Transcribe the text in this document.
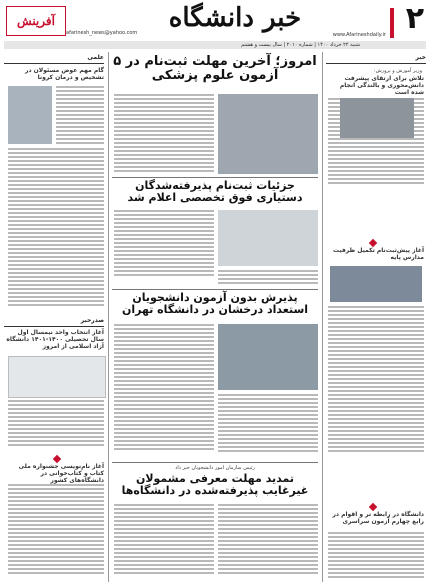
۲
www.Afarineshdaily.ir
خبر دانشگاه
آفرینش
afarinesh_news@yahoo.com
شنبه ۲۲ خرداد ۱۴۰۰ | شماره ۲۰۱۰ | سال بیست و هشتم
خبر
علمی
وزیر آموزش و پرورش:
تلاش برای ارتقای پیشرفت دانش‌محوری و بالندگی انجام شده است
آغاز پیش‌ثبت‌نام تکمیل ظرفیت مدارس پایه
دانشگاه در رابطه تر و اقوام در رابع چهارم آزمون سراسری
امروز؛ آخرین مهلت ثبت‌نام در ۵ آزمون علوم پزشکی
جزئیات ثبت‌نام پذیرفته‌شدگان دستیاری فوق تخصصی اعلام شد
پذیرش بدون آزمون دانشجویان استعداد درخشان در دانشگاه تهران
رئیس سازمان امور دانشجویان خبر داد
تمدید مهلت معرفی مشمولان غیرغایب پذیرفته‌شده در دانشگاه‌ها
گام مهم عوض مسئولان در تشخیص و درمان کرونا
صدرخبر
آغاز انتخاب واحد نیمسال اول سال تحصیلی ۱۴۰۰-۱۴۰۱ دانشگاه آزاد اسلامی از امروز
آغاز نام‌نویسی جشنواره ملی کتاب و کتاب‌خوانی در دانشگاه‌های کشور
